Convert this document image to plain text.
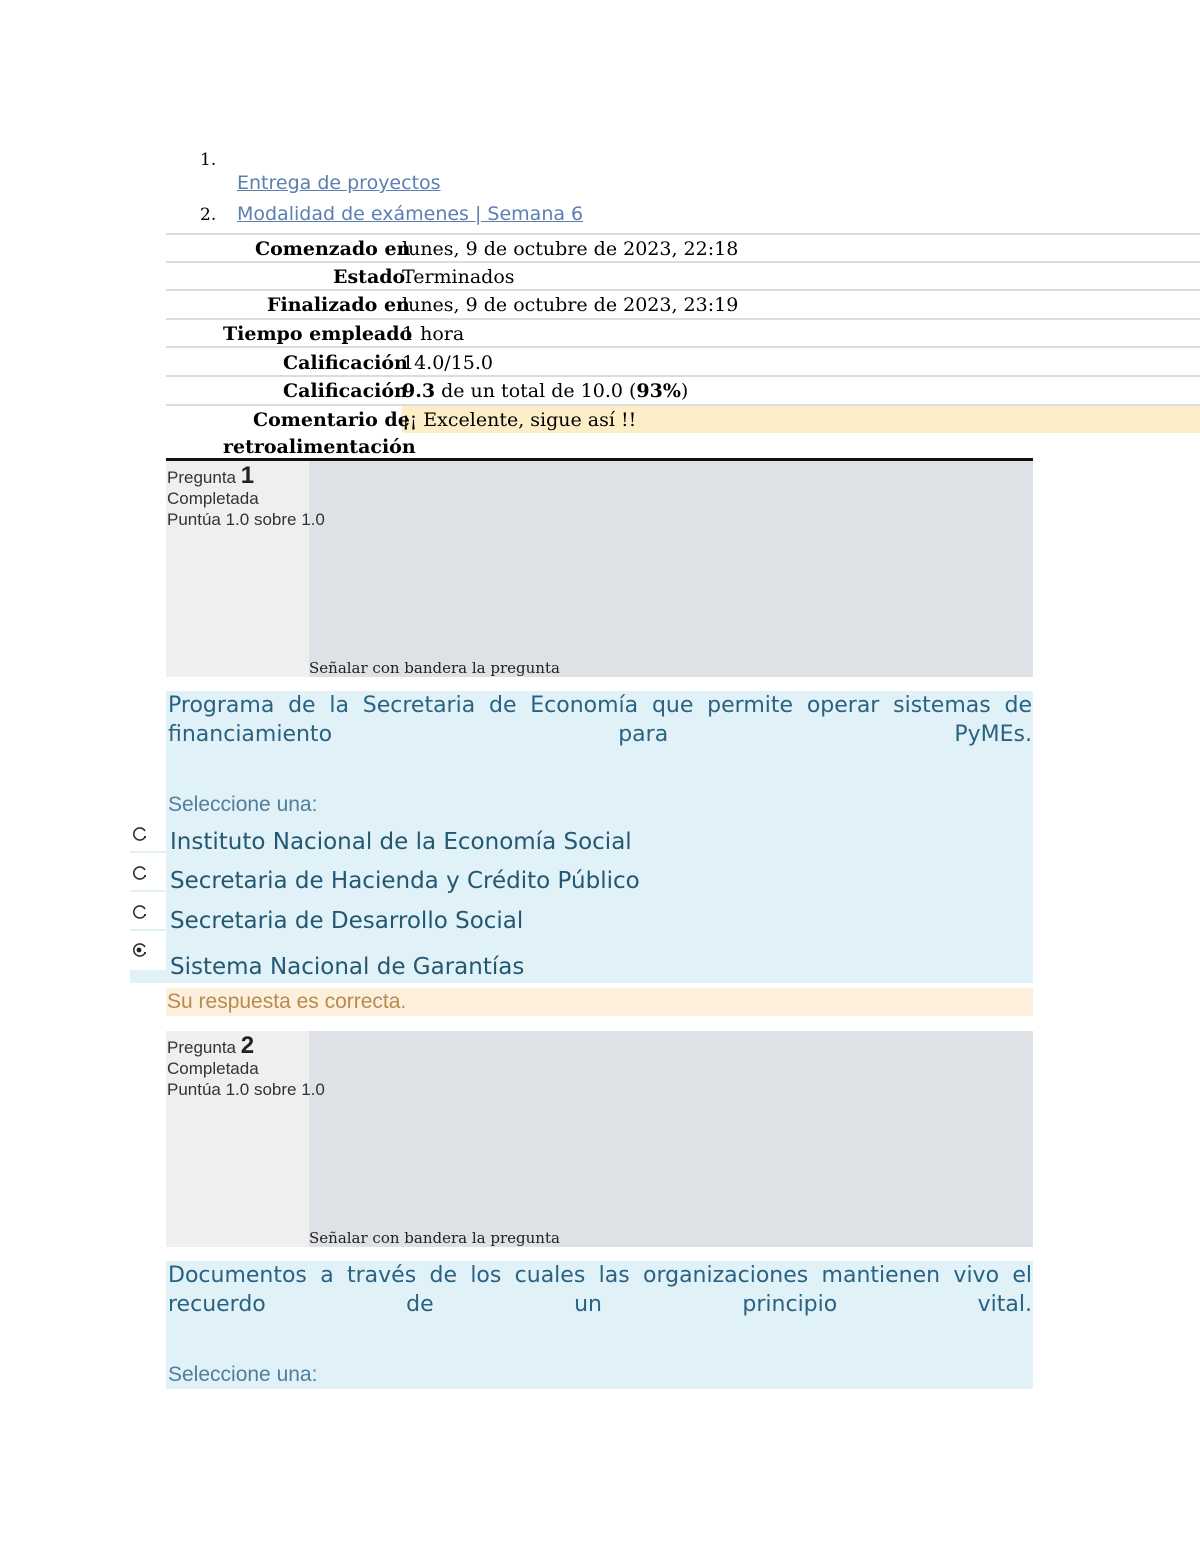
1.
Entrega de proyectos
2. Modalidad de exámenes | Semana 6
Comenzado en
lunes, 9 de octubre de 2023, 22:18
Estado
Terminados
Finalizado en
lunes, 9 de octubre de 2023, 23:19
Tiempo empleado
1 hora
Calificación
14.0/15.0
Calificación
9.3 de un total de 10.0 (93%)
Comentario de
retroalimentación
¡¡ Excelente, sigue así !!
Pregunta 1
Completada
Puntúa 1.0 sobre 1.0
Señalar con bandera la pregunta
Programa de la Secretaria de Economía que permite operar sistemas de financiamiento para PyMEs.
Seleccione una:
Instituto Nacional de la Economía Social
Secretaria de Hacienda y Crédito Público
Secretaria de Desarrollo Social
Sistema Nacional de Garantías
Su respuesta es correcta.
Pregunta 2
Completada
Puntúa 1.0 sobre 1.0
Señalar con bandera la pregunta
Documentos a través de los cuales las organizaciones mantienen vivo el recuerdo de un principio vital.
Seleccione una:
